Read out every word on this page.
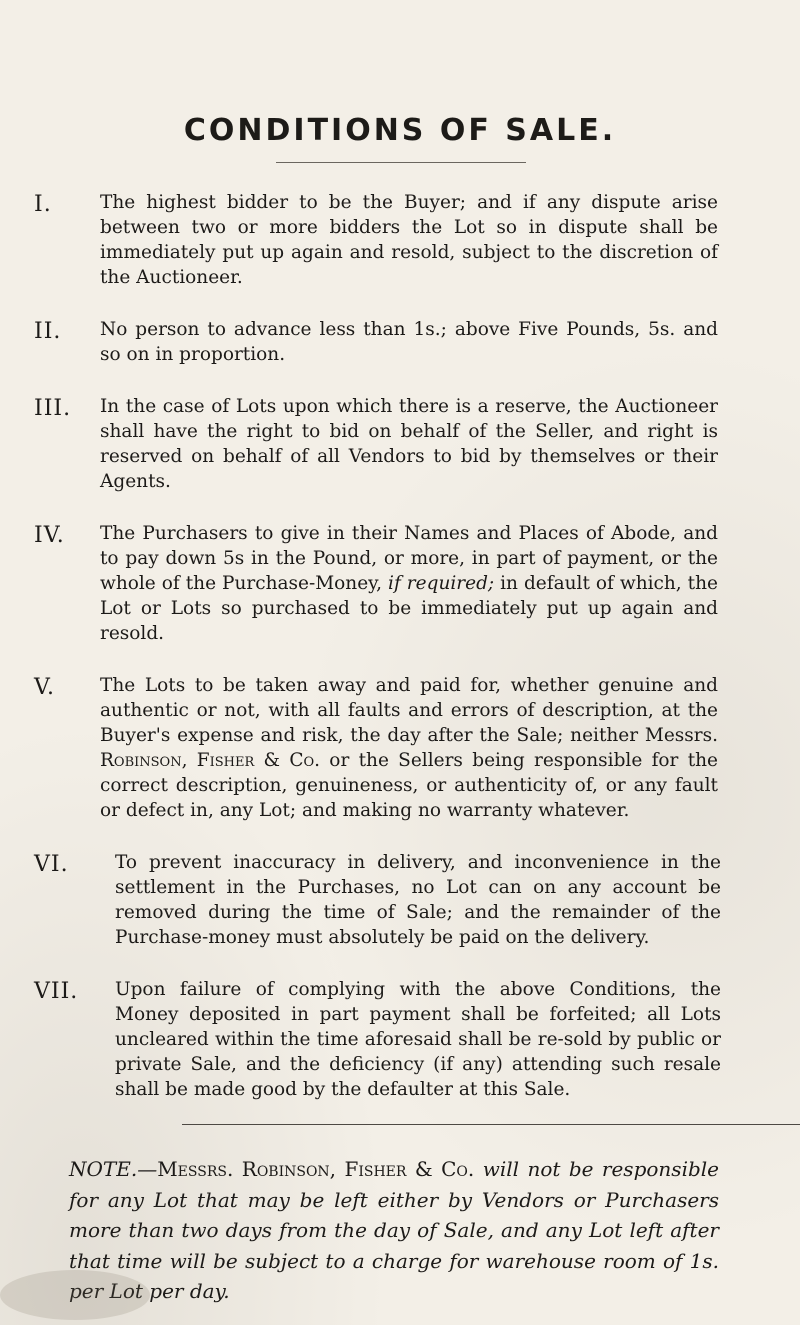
CONDITIONS OF SALE.
I.	The highest bidder to be the Buyer; and if any dispute arise between two or more bidders the Lot so in dispute shall be immediately put up again and resold, subject to the discretion of the Auctioneer.
II.	No person to advance less than 1s.; above Five Pounds, 5s. and so on in proportion.
III.	In the case of Lots upon which there is a reserve, the Auctioneer shall have the right to bid on behalf of the Seller, and right is reserved on behalf of all Vendors to bid by themselves or their Agents.
IV.	The Purchasers to give in their Names and Places of Abode, and to pay down 5s in the Pound, or more, in part of payment, or the whole of the Purchase-Money, if required; in default of which, the Lot or Lots so purchased to be immediately put up again and resold.
V.	The Lots to be taken away and paid for, whether genuine and authentic or not, with all faults and errors of description, at the Buyer's expense and risk, the day after the Sale; neither Messrs. Robinson, Fisher & Co. or the Sellers being responsible for the correct description, genuineness, or authenticity of, or any fault or defect in, any Lot; and making no warranty whatever.
VI.	To prevent inaccuracy in delivery, and inconvenience in the settlement in the Purchases, no Lot can on any account be removed during the time of Sale; and the remainder of the Purchase-money must absolutely be paid on the delivery.
NOTE.—Messrs. Robinson, Fisher & Co. will not be responsible for any Lot that may be left either by Vendors or Purchasers more than two days from the day of Sale, and any Lot left after that time will be subject to a charge for warehouse room of 1s. per Lot per day.
VII.	Upon failure of complying with the above Conditions, the Money deposited in part payment shall be forfeited; all Lots uncleared within the time aforesaid shall be re-sold by public or private Sale, and the deficiency (if any) attending such resale shall be made good by the defaulter at this Sale.
